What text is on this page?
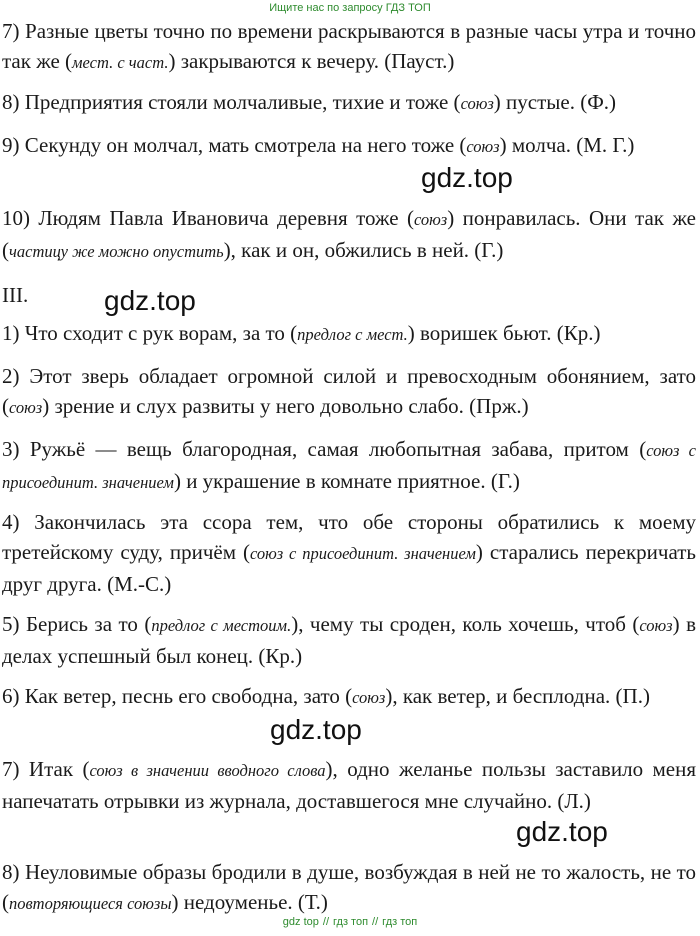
Ищите нас по запросу ГДЗ ТОП

7) Разные цветы точно по времени раскрываются в разные часы утра и точно так же (мест. с част.) закрываются к вечеру. (Пауст.)

8) Предприятия стояли молчаливые, тихие и тоже (союз) пустые. (Ф.)

9) Секунду он молчал, мать смотрела на него тоже (союз) молча. (М. Г.)

10) Людям Павла Ивановича деревня тоже (союз) понравилась. Они так же (частицу же можно опустить), как и он, обжились в ней. (Г.)

III.

1) Что сходит с рук ворам, за то (предлог с мест.) воришек бьют. (Кр.)

2) Этот зверь обладает огромной силой и превосходным обонянием, зато (союз) зрение и слух развиты у него довольно слабо. (Прж.)

3) Ружьё — вещь благородная, самая любопытная забава, притом (союз с присоединит. значением) и украшение в комнате приятное. (Г.)

4) Закончилась эта ссора тем, что обе стороны обратились к моему третейскому суду, причём (союз с присоединит. значением) старались перекричать друг друга. (М.-С.)

5) Берись за то (предлог с местоим.), чему ты сроден, коль хочешь, чтоб (союз) в делах успешный был конец. (Кр.)

6) Как ветер, песнь его свободна, зато (союз), как ветер, и бесплодна. (П.)

7) Итак (союз в значении вводного слова), одно желанье пользы заставило меня напечатать отрывки из журнала, доставшегося мне случайно. (Л.)

8) Неуловимые образы бродили в душе, возбуждая в ней не то жалость, не то (повторяющиеся союзы) недоуменье. (Т.)

gdz.top
gdz.top
gdz.top
gdz.top
gdz top // гдз топ // гдз топ
